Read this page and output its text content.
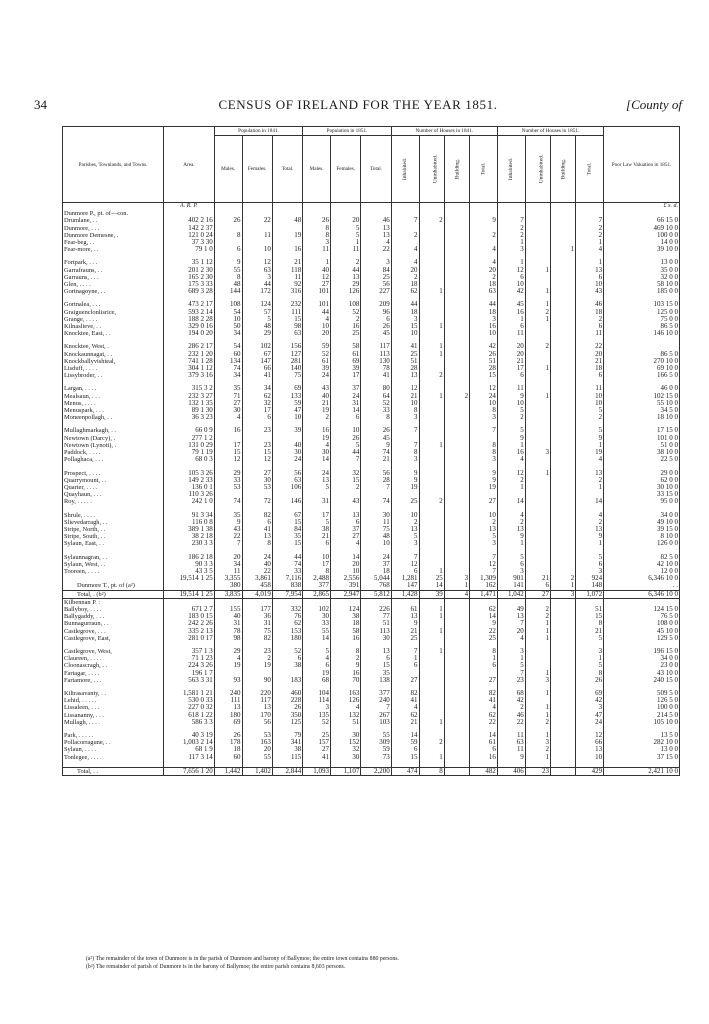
34	CENSUS OF IRELAND FOR THE YEAR 1851.	[County of
Parishes, Townlands, and Towns.	Area.	Population in 1841.			Population in 1851.			Number of Houses in 1841.				Number of Houses in 1851.				Poor Law Valuation in 1851.
		Males.	Females.	Total.	Males.	Females.	Total.	Inhabited.	Uninhabited.	Building.	Total.	Inhabited.	Uninhabited.	Building.	Total.	
	A. R. P.															£ s. d.
Dunmore P., pt. of—con.																
Drumlane, . .	402 2 16	26	22	48	26	20	46	7	2		9	7			7	66 15 0
Dunmore, . . .	142 2 37				8	5	13					2			2	469 10 0
Dunmore Demesne, .	121 0 24	8	11	19	8	5	13	2			2	2			2	100 0 0
Fear-beg, . .	37 3 30				3	1	4					1			1	14 0 0
Fear-more, . .	79 1 0	6	10	16	11	11	22	4			4	3		1	4	39 10 0

Fortpark, . . .	35 1 12	9	12	21	1	2	3	4			4	1			1	13 0 0
Garrafrauns, . .	201 2 30	55	63	118	40	44	84	20			20	12	1		13	35 0 0
Garrauns, . . .	165 2 30	8	3	11	12	13	25	2			2	6			6	32 0 0
Glen, . . . .	175 3 33	48	44	92	27	29	56	18			18	10			10	58 10 0
Gortnagoyne, . .	689 3 28	144	172	316	101	126	227	62	1		63	42	1		43	185 0 0

Gortnalea, . . .	473 2 17	108	124	232	101	108	209	44			44	45	1		46	103 15 0
Graiguenclonlisrice,	593 2 14	54	57	111	44	52	96	18			18	16	2		18	125 0 0
Grange, . . . .	188 2 28	10	5	15	4	2	6	3			3	1	1		2	75 0 0
Kilnaslieve, . .	329 0 16	50	48	98	10	16	26	15	1		16	6			6	86 5 0
Knocktee, East, . .	194 0 20	34	29	63	20	25	45	10			10	11			11	146 10 0

Knocktee, West, .	286 2 17	54	102	156	59	58	117	41	1		42	20	2		22	
Knockaunnagat, . .	232 1 20	60	67	127	52	61	113	25	1		26	20			20	86 5 0
Knockballyvishteal,	741 1 28	134	147	281	61	69	130	51			51	21			21	270 10 0
Lisduff, . . . .	304 1 12	74	66	140	39	39	78	28			28	17	1		18	69 10 0
Lissybroder, . .	379 3 16	34	41	75	24	17	41	13	2		15	6			6	166 5 0

Largan, . . . .	315 3 2	35	34	69	43	37	80	12			12	11			11	46 0 0
Mealsaun, . . .	232 3 27	71	62	133	40	24	64	21	1	2	24	9	1		10	102 15 0
Menus, . . . .	132 1 35	27	32	59	21	31	52	10			10	10			10	55 10 0
Menuspark, . . .	89 1 30	30	17	47	19	14	33	8			8	5			5	34 5 0
Moneenpollagh, . .	36 3 23	4	6	10	2	6	8	3			3	2			2	18 10 0

Mullaghmarkagh, . .	66 0 9	16	23	39	16	10	26	7			7	5			5	17 15 0
Newtown (Darcy), .	277 1 2				19	26	45					9			9	101 0 0
Newtown (Lynott), .	131 0 29	17	23	40	4	5	9	7	1		8	1			1	51 0 0
Paddock, . . . .	79 1 19	15	15	30	30	44	74	8			8	16	3		19	38 10 0
Pollaghaca, . . .	68 0 3	12	12	24	14	7	21	3			3	4			4	22 5 0

Prospect, . . . .	105 3 26	29	27	56	24	32	56	9			9	12	1		13	29 0 0
Quarrymount, . .	149 2 33	33	30	63	13	15	28	9			9	2			2	62 0 0
Quarter, . . . .	136 0 1	53	53	106	5	2	7	19			19	1			1	30 10 0
Quayhaun, . . .	110 3 26															33 15 0
Roy, . . . . .	242 1 0	74	72	146	31	43	74	25	2		27	14			14	95 0 0

Shrule, . . . .	91 3 34	35	82	67	17	13	30	10			10	4			4	34 0 0
Slievedarragh, . .	116 0 8	9	6	15	5	6	11	2			2	2			2	49 10 0
Stripe, North, . .	389 1 38	43	41	84	38	37	75	13			13	13			13	39 15 0
Stripe, South, . .	38 2 18	22	13	35	21	27	48	5			5	9			9	8 10 0
Sylaun, East, . .	230 3 3	7	8	15	6	4	10	3			3	1			1	126 0 0

Sylaunnagran, . .	186 2 18	20	24	44	10	14	24	7			7	5			5	82 5 0
Sylaun, West, . .	90 3 3	34	40	74	17	20	37	12			12	6			6	42 10 0
Tooreen, . . . .	43 3 5	11	22	33	8	10	18	6	1		7	3			3	12 0 0
	19,514 1 25	3,355	3,861	7,116	2,488	2,556	5,044	1,281	25	3	1,309	901	21	2	924	6,346 10 0
Dunmore T., pt. of (a²)		380	458	838	377	391	768	147	14	1	162	141	6	1	148	. .
Total, . (b²)	19,514 1 25	3,835	4,019	7,954	2,865	2,947	5,812	1,428	39	4	1,471	1,042	27	3	1,072	6,346 10 0
Kilbennan P. :																
Ballyboy, . . . .	671 2 7	155	177	332	102	124	226	61	1		62	49	2		51	124 15 0
Ballygaddy, . . .	183 0 15	40	36	76	30	38	77	13	1		14	13	2		15	76 5 0
Bunnagurraun, . .	242 2 26	31	31	62	33	18	51	9			9	7	1		8	108 0 0
Castlegrove, . . .	335 2 13	78	75	153	55	58	113	21	1		22	20	1		21	45 10 0
Castlegrove, East,	281 0 17	98	82	180	14	16	30	25			25	4	1		5	129 5 0

Castlegrove, West,	357 1 3	29	23	52	5	8	13	7	1		8	3			3	196 15 0
Claureen, . . . .	71 1 23	4	2	6	4	2	6	1			1	1			1	34 0 0
Cloonascragh, . .	224 3 26	19	19	38	6	9	15	6			6	5			5	23 0 0
Fartagar, . . . .	196 1 7				19	16	35					7	1		8	43 10 0
Fartamore, . . .	563 3 31	93	90	183	68	70	138	27			27	23	3		26	240 15 0

Kiltrasavanty, . .	1,581 1 21	240	220	460	104	163	377	82			82	68	1		69	509 5 0
Lehid, . . . . .	530 0 33	111	117	228	114	126	240	41			41	42			42	126 5 0
Lissaleen, . . .	227 0 32	13	13	26	3	4	7	4			4	2	1		3	100 0 0
Lissananny, . . .	618 1 22	180	170	350	135	132	267	62			62	46	1		47	214 5 0
Mullagh, . . . .	586 3 3	69	56	125	52	51	103	21	1		22	22	2		24	105 10 0

Park, . . . . .	40 3 19	26	53	79	25	30	55	14			14	11	1		12	13 5 0
Pollacorragune, . .	1,003 2 14	178	163	341	157	152	309	59	2		61	63	3		66	282 10 0
Sylaun, . . . .	68 1 9	18	20	38	27	32	59	6			6	11	2		13	13 0 0
Tonlegee, . . . .	117 3 14	60	55	115	41	30	73	15	1		16	9	1		10	37 15 0

Total, . .	7,656 1 20	1,442	1,402	2,844	1,093	1,107	2,200	474	8		482	406	23		429	2,421 10 0
(a²) The remainder of the town of Dunmore is in the parish of Dunmore and barony of Ballymoe; the entire town contains 880 persons.
(b²) The remainder of parish of Dunmore is in the barony of Ballymoe; the entire parish contains 8,603 persons.
